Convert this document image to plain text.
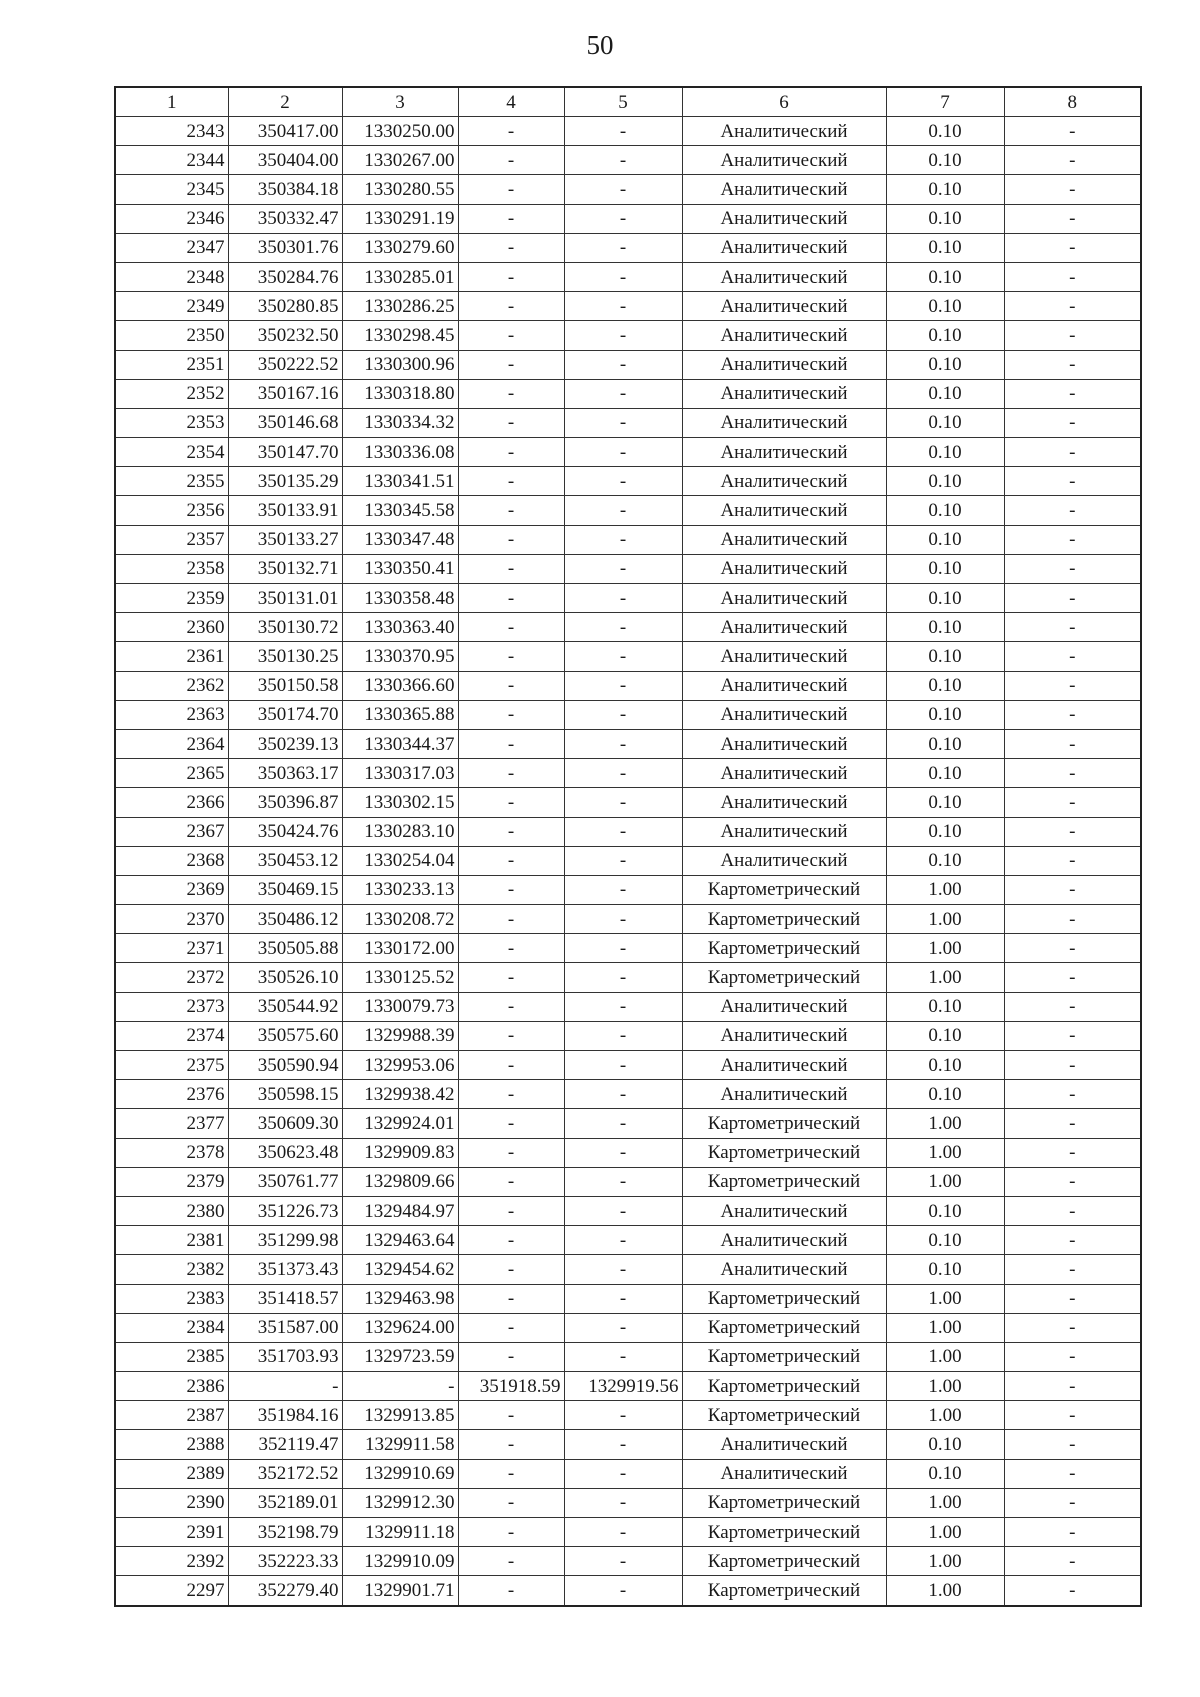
50
1	2	3	4	5	6	7	8
2343	350417.00	1330250.00	-	-	Аналитический	0.10	-
2344	350404.00	1330267.00	-	-	Аналитический	0.10	-
2345	350384.18	1330280.55	-	-	Аналитический	0.10	-
2346	350332.47	1330291.19	-	-	Аналитический	0.10	-
2347	350301.76	1330279.60	-	-	Аналитический	0.10	-
2348	350284.76	1330285.01	-	-	Аналитический	0.10	-
2349	350280.85	1330286.25	-	-	Аналитический	0.10	-
2350	350232.50	1330298.45	-	-	Аналитический	0.10	-
2351	350222.52	1330300.96	-	-	Аналитический	0.10	-
2352	350167.16	1330318.80	-	-	Аналитический	0.10	-
2353	350146.68	1330334.32	-	-	Аналитический	0.10	-
2354	350147.70	1330336.08	-	-	Аналитический	0.10	-
2355	350135.29	1330341.51	-	-	Аналитический	0.10	-
2356	350133.91	1330345.58	-	-	Аналитический	0.10	-
2357	350133.27	1330347.48	-	-	Аналитический	0.10	-
2358	350132.71	1330350.41	-	-	Аналитический	0.10	-
2359	350131.01	1330358.48	-	-	Аналитический	0.10	-
2360	350130.72	1330363.40	-	-	Аналитический	0.10	-
2361	350130.25	1330370.95	-	-	Аналитический	0.10	-
2362	350150.58	1330366.60	-	-	Аналитический	0.10	-
2363	350174.70	1330365.88	-	-	Аналитический	0.10	-
2364	350239.13	1330344.37	-	-	Аналитический	0.10	-
2365	350363.17	1330317.03	-	-	Аналитический	0.10	-
2366	350396.87	1330302.15	-	-	Аналитический	0.10	-
2367	350424.76	1330283.10	-	-	Аналитический	0.10	-
2368	350453.12	1330254.04	-	-	Аналитический	0.10	-
2369	350469.15	1330233.13	-	-	Картометрический	1.00	-
2370	350486.12	1330208.72	-	-	Картометрический	1.00	-
2371	350505.88	1330172.00	-	-	Картометрический	1.00	-
2372	350526.10	1330125.52	-	-	Картометрический	1.00	-
2373	350544.92	1330079.73	-	-	Аналитический	0.10	-
2374	350575.60	1329988.39	-	-	Аналитический	0.10	-
2375	350590.94	1329953.06	-	-	Аналитический	0.10	-
2376	350598.15	1329938.42	-	-	Аналитический	0.10	-
2377	350609.30	1329924.01	-	-	Картометрический	1.00	-
2378	350623.48	1329909.83	-	-	Картометрический	1.00	-
2379	350761.77	1329809.66	-	-	Картометрический	1.00	-
2380	351226.73	1329484.97	-	-	Аналитический	0.10	-
2381	351299.98	1329463.64	-	-	Аналитический	0.10	-
2382	351373.43	1329454.62	-	-	Аналитический	0.10	-
2383	351418.57	1329463.98	-	-	Картометрический	1.00	-
2384	351587.00	1329624.00	-	-	Картометрический	1.00	-
2385	351703.93	1329723.59	-	-	Картометрический	1.00	-
2386	-	-	351918.59	1329919.56	Картометрический	1.00	-
2387	351984.16	1329913.85	-	-	Картометрический	1.00	-
2388	352119.47	1329911.58	-	-	Аналитический	0.10	-
2389	352172.52	1329910.69	-	-	Аналитический	0.10	-
2390	352189.01	1329912.30	-	-	Картометрический	1.00	-
2391	352198.79	1329911.18	-	-	Картометрический	1.00	-
2392	352223.33	1329910.09	-	-	Картометрический	1.00	-
2297	352279.40	1329901.71	-	-	Картометрический	1.00	-
